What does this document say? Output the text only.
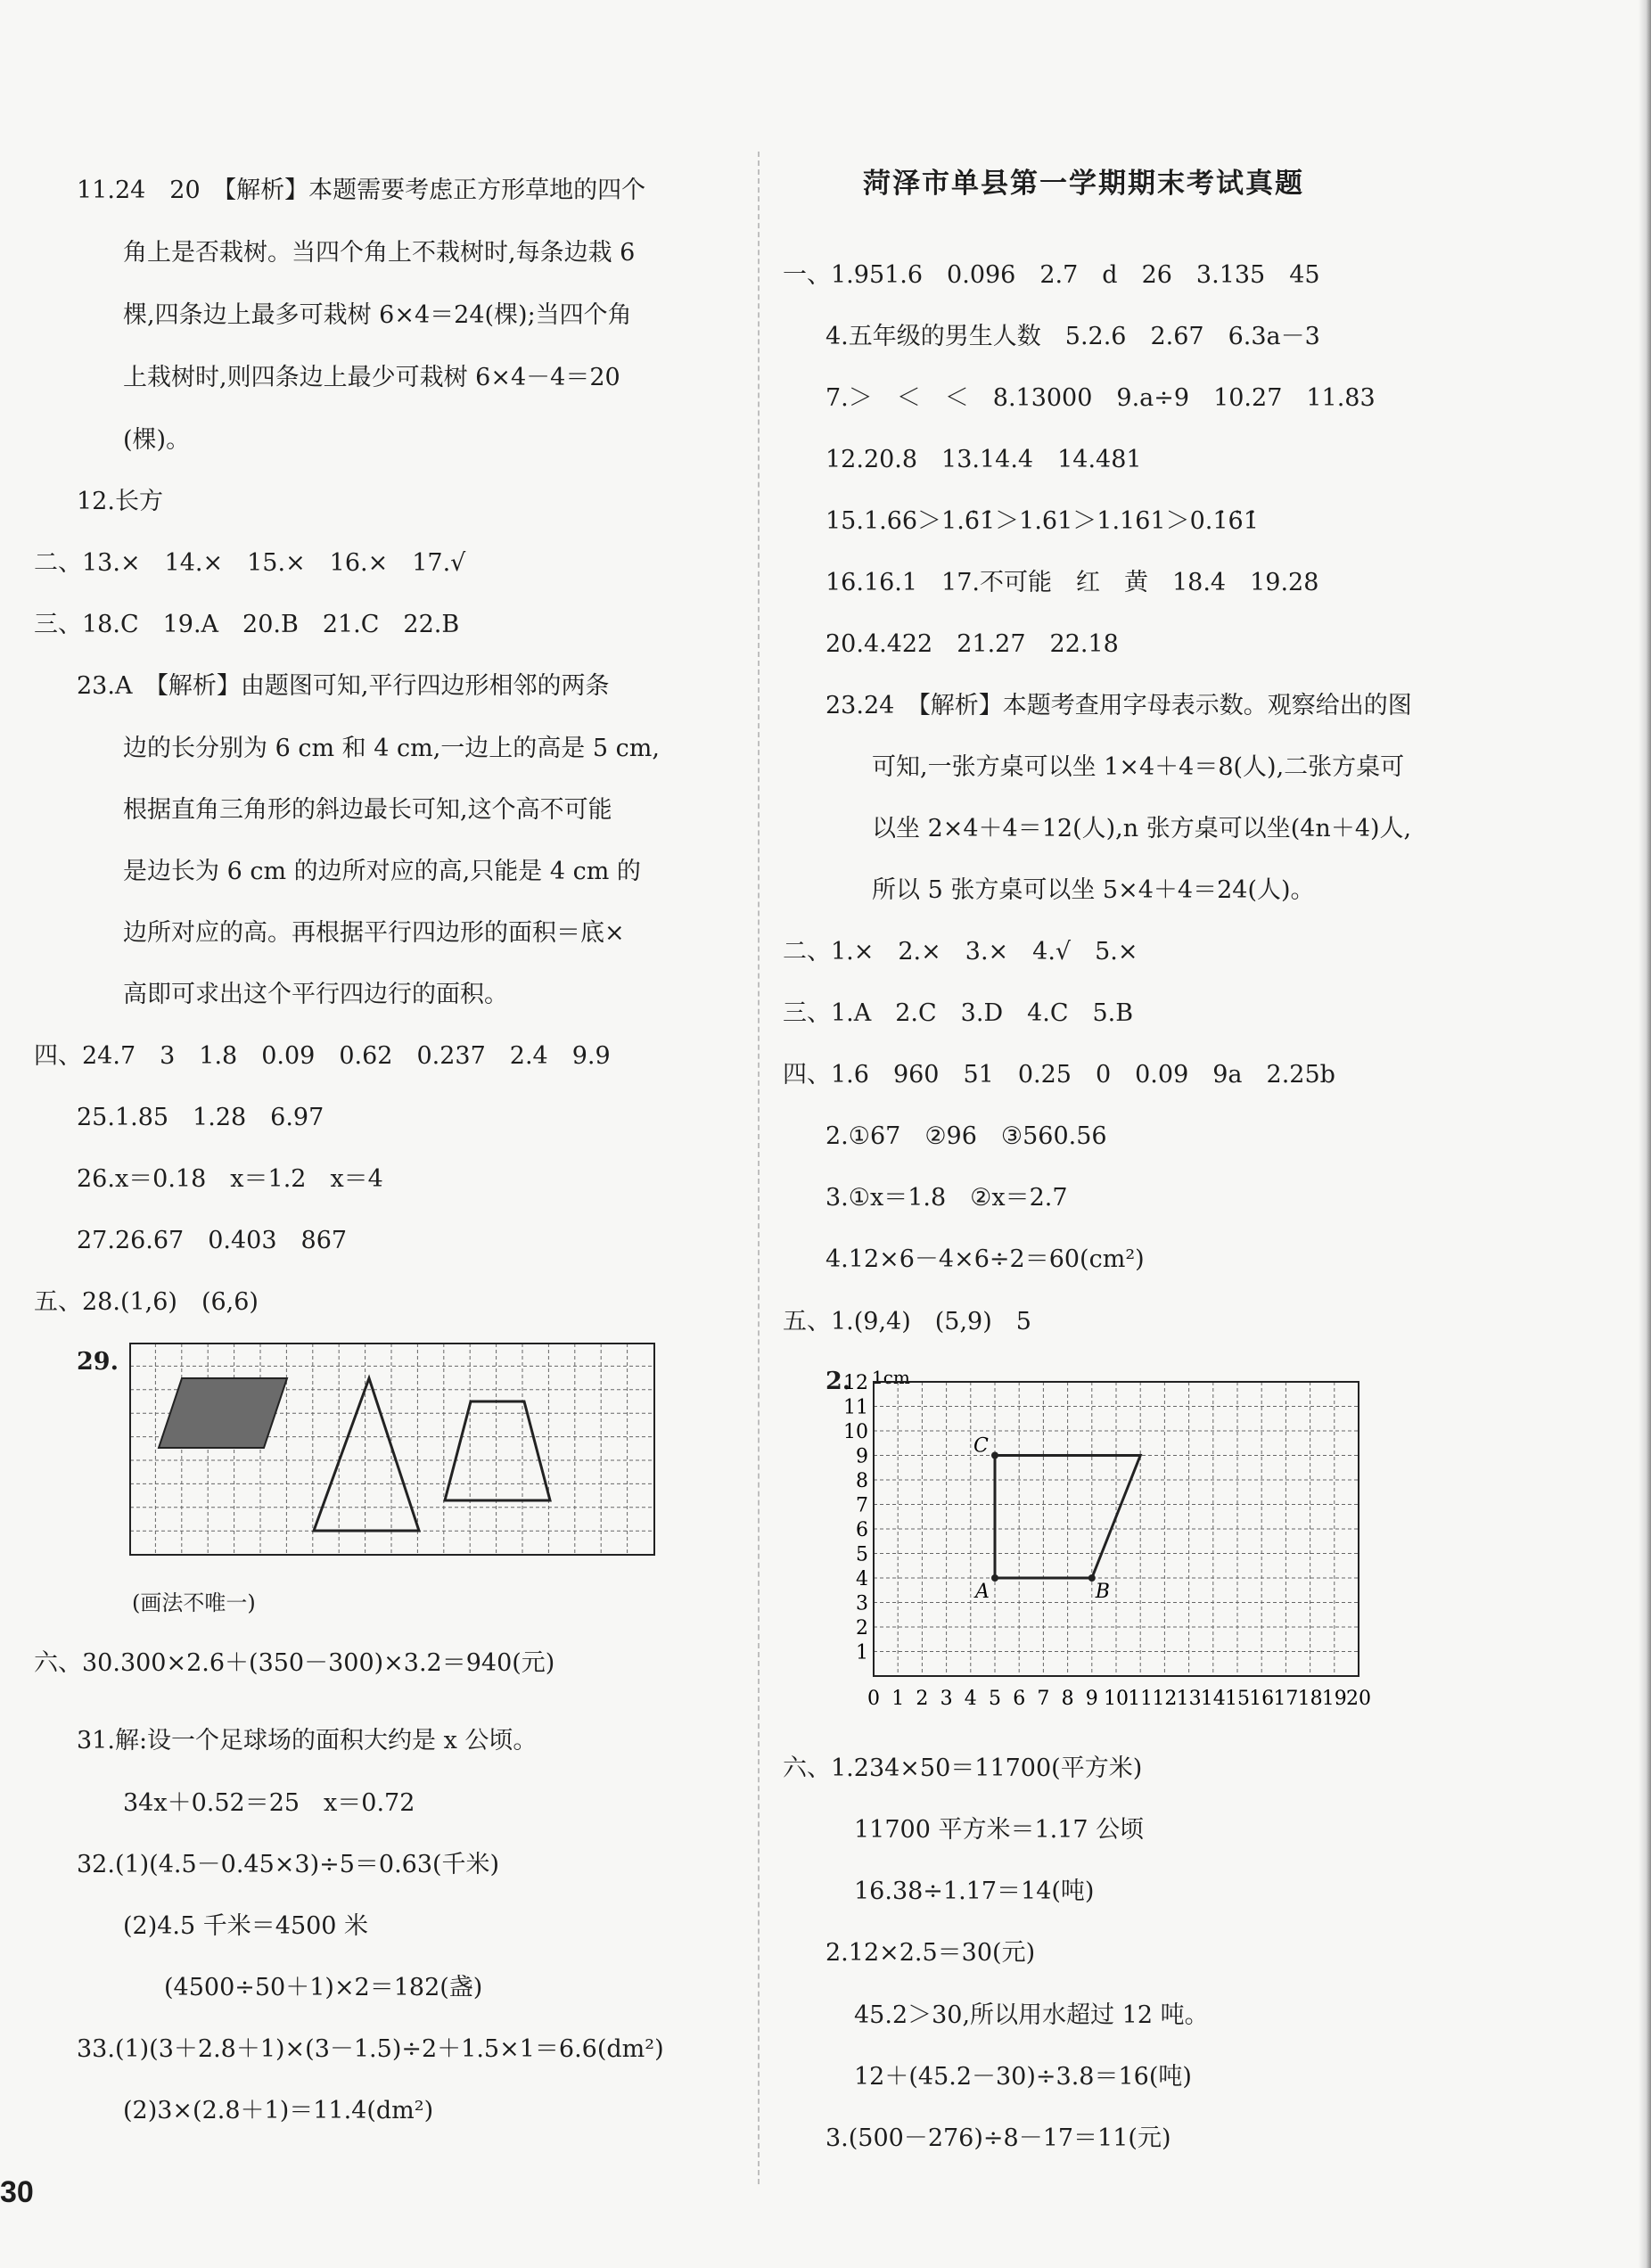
11.24　20　【解析】本题需要考虑正方形草地的四个
角上是否栽树。当四个角上不栽树时,每条边栽 6
棵,四条边上最多可栽树 6×4＝24(棵);当四个角
上栽树时,则四条边上最少可栽树 6×4－4＝20
(棵)。
12.长方
二、13.×　14.×　15.×　16.×　17.√
三、18.C　19.A　20.B　21.C　22.B
23.A　【解析】由题图可知,平行四边形相邻的两条
边的长分别为 6 cm 和 4 cm,一边上的高是 5 cm,
根据直角三角形的斜边最长可知,这个高不可能
是边长为 6 cm 的边所对应的高,只能是 4 cm 的
边所对应的高。再根据平行四边形的面积＝底×
高即可求出这个平行四边行的面积。
四、24.7　3　1.8　0.09　0.62　0.237　2.4　9.9
25.1.85　1.28　6.97
26.x＝0.18　x＝1.2　x＝4
27.26.67　0.403　867
五、28.(1,6)　(6,6)
29.
(画法不唯一)
六、30.300×2.6＋(350－300)×3.2＝940(元)
31.解:设一个足球场的面积大约是 x 公顷。
34x＋0.52＝25　x＝0.72
32.(1)(4.5－0.45×3)÷5＝0.63(千米)
(2)4.5 千米＝4500 米
(4500÷50＋1)×2＝182(盏)
33.(1)(3＋2.8＋1)×(3－1.5)÷2＋1.5×1＝6.6(dm²)
(2)3×(2.8＋1)＝11.4(dm²)
菏泽市单县第一学期期末考试真题
一、1.951.6　0.096　2.7　d　26　3.135　45
4.五年级的男生人数　5.2.6　2.67　6.3a－3
7.＞　＜　＜　8.13000　9.a÷9　10.27　11.83
12.20.8　13.14.4　14.481
15.1.66＞1.6̇1̇＞1.61＞1.161＞0.1̇6̇1̇
16.16.1　17.不可能　红　黄　18.4　19.28
20.4.422　21.27　22.18
23.24　【解析】本题考查用字母表示数。观察给出的图
可知,一张方桌可以坐 1×4＋4＝8(人),二张方桌可
以坐 2×4＋4＝12(人),n 张方桌可以坐(4n＋4)人,
所以 5 张方桌可以坐 5×4＋4＝24(人)。
二、1.×　2.×　3.×　4.√　5.×
三、1.A　2.C　3.D　4.C　5.B
四、1.6　960　51　0.25　0　0.09　9a　2.25b
2.①67　②96　③560.56
3.①x＝1.8　②x＝2.7
4.12×6－4×6÷2＝60(cm²)
五、1.(9,4)　(5,9)　5
2. 1cm
1
2
3
4
5
6
7
8
9
10
11
12
0 1 2 3 4 5 6 7 8 9 10 11 12 13 14 15 16 17 18 19 20
A	B
C
六、1.234×50＝11700(平方米)
11700 平方米＝1.17 公顷
16.38÷1.17＝14(吨)
2.12×2.5＝30(元)
45.2＞30,所以用水超过 12 吨。
12＋(45.2－30)÷3.8＝16(吨)
3.(500－276)÷8－17＝11(元)
30
